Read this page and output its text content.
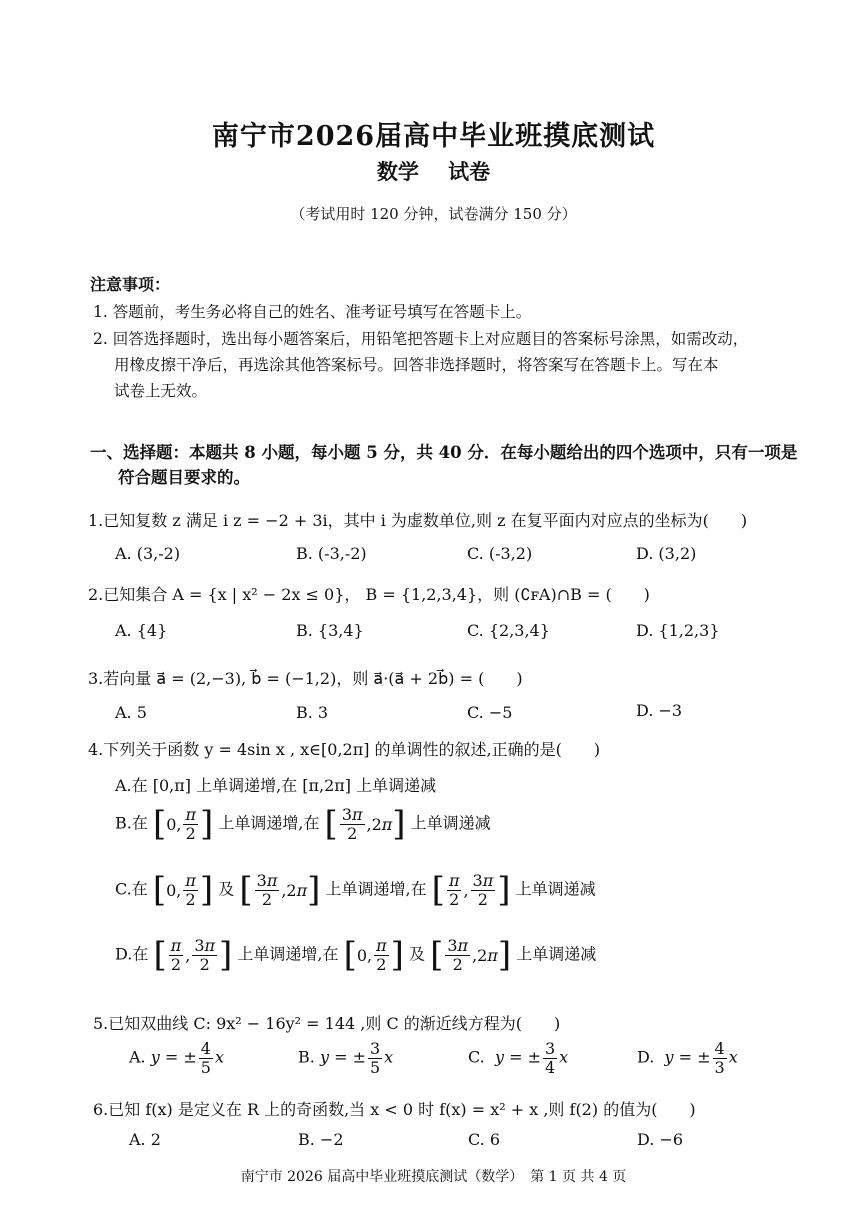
南宁市2026届高中毕业班摸底测试
数学 试卷
（考试用时 120 分钟，试卷满分 150 分）
注意事项：
1. 答题前，考生务必将自己的姓名、准考证号填写在答题卡上。
2. 回答选择题时，选出每小题答案后，用铅笔把答题卡上对应题目的答案标号涂黑，如需改动，
用橡皮擦干净后，再选涂其他答案标号。回答非选择题时，将答案写在答题卡上。写在本
试卷上无效。
一、选择题：本题共 8 小题，每小题 5 分，共 40 分．在每小题给出的四个选项中，只有一项是
符合题目要求的。
1.已知复数 z 满足 i z = −2 + 3i，其中 i 为虚数单位,则 z 在复平面内对应点的坐标为(　　)
A. (3,-2)	B. (-3,-2)	C. (-3,2)	D. (3,2)
2.已知集合 A = {x | x² − 2x ≤ 0}， B = {1,2,3,4}，则 (∁ꜰA)∩B = (　　)
A. {4}	B. {3,4}	C. {2,3,4}	D. {1,2,3}
3.若向量 a⃗ = (2,−3), b⃗ = (−1,2)，则 a⃗·(a⃗ + 2b⃗) = (　　)
A. 5	B. 3	C. −5	D. −3
4.下列关于函数 y = 4sin x , x∈[0,2π] 的单调性的叙述,正确的是(　　)
A.在 [0,π] 上单调递增,在 [π,2π] 上单调递减
B.在 [ 0, $\frac{\pi}{2}$ ] 上单调递增,在 [ $\frac{3\pi}{2} ,2$ π ] 上单调递减
C.在 [ 0, $\frac{\pi}{2}$ ] 及 [ $\frac{3\pi}{2} ,2$ π ] 上单调递增,在 [ $\frac{\pi}{2}$ , $\frac{3\pi}{2}$ ] 上单调递减
D.在 [ $\frac{\pi}{2}$ , $\frac{3\pi}{2}$ ] 上单调递增,在 [ 0, $\frac{\pi}{2}$ ] 及 [ $\frac{3\pi}{2} ,2$ π ] 上单调递减
5.已知双曲线 C: 9x² − 16y² = 144 ,则 C 的渐近线方程为(　　)
A. y = ± $\frac{4}{5}$ x	B. y = ± $\frac{3}{5}$ x	C. y = ± $\frac{3}{4}$ x	D. y = ± $\frac{4}{3}$ x
6.已知 f(x) 是定义在 R 上的奇函数,当 x < 0 时 f(x) = x² + x ,则 f(2) 的值为(　　)
A. 2	B. −2	C. 6	D. −6
南宁市 2026 届高中毕业班摸底测试（数学）　第 1 页 共 4 页
